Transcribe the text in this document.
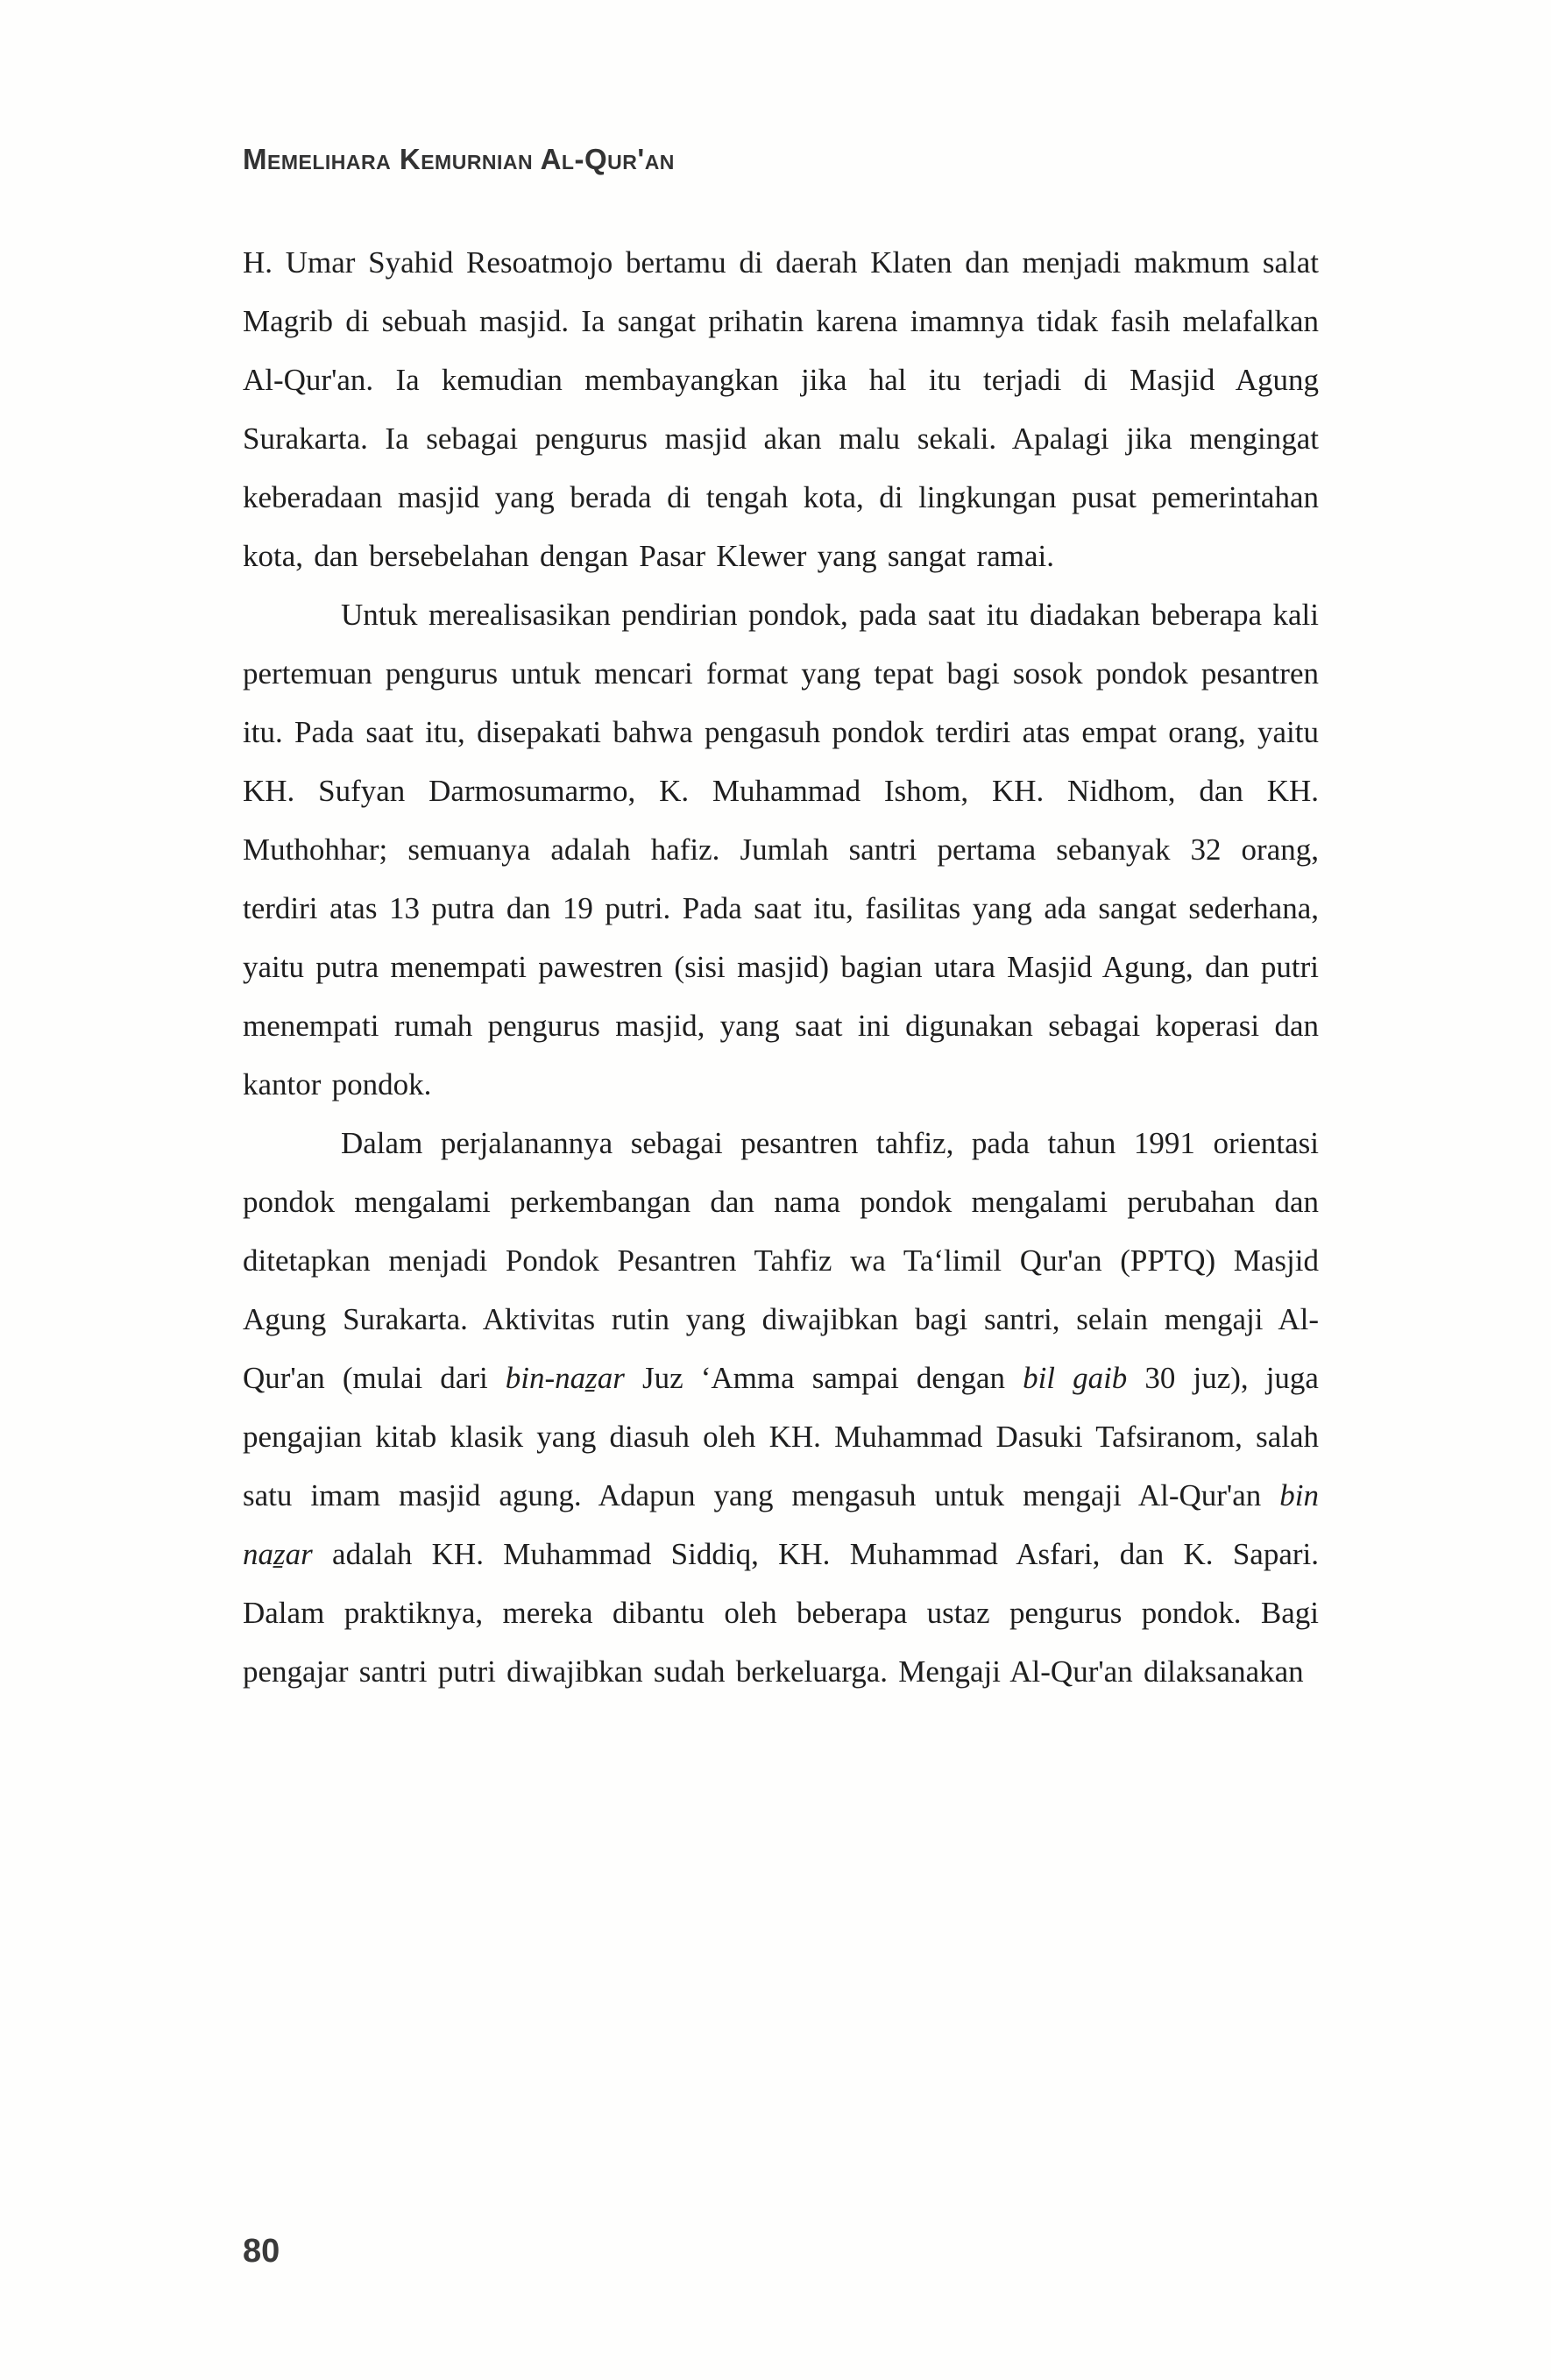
Memelihara Kemurnian Al-Qur'an

H. Umar Syahid Resoatmojo bertamu di daerah Klaten dan menjadi makmum salat Magrib di sebuah masjid. Ia sangat prihatin karena imamnya tidak fasih melafalkan Al-Qur'an. Ia kemudian membayangkan jika hal itu terjadi di Masjid Agung Surakarta. Ia sebagai pengurus masjid akan malu sekali. Apalagi jika mengingat keberadaan masjid yang berada di tengah kota, di lingkungan pusat pemerintahan kota, dan bersebelahan dengan Pasar Klewer yang sangat ramai.

Untuk merealisasikan pendirian pondok, pada saat itu diadakan beberapa kali pertemuan pengurus untuk mencari format yang tepat bagi sosok pondok pesantren itu. Pada saat itu, disepakati bahwa pengasuh pondok terdiri atas empat orang, yaitu KH. Sufyan Darmosumarmo, K. Muhammad Ishom, KH. Nidhom, dan KH. Muthohhar; semuanya adalah hafiz. Jumlah santri pertama sebanyak 32 orang, terdiri atas 13 putra dan 19 putri. Pada saat itu, fasilitas yang ada sangat sederhana, yaitu putra menempati pawestren (sisi masjid) bagian utara Masjid Agung, dan putri menempati rumah pengurus masjid, yang saat ini digunakan sebagai koperasi dan kantor pondok.

Dalam perjalanannya sebagai pesantren tahfiz, pada tahun 1991 orientasi pondok mengalami perkembangan dan nama pondok mengalami perubahan dan ditetapkan menjadi Pondok Pesantren Tahfiz wa Ta‘limil Qur'an (PPTQ) Masjid Agung Surakarta. Aktivitas rutin yang diwajibkan bagi santri, selain mengaji Al-Qur'an (mulai dari bin-naẕar Juz ‘Amma sampai dengan bil gaib 30 juz), juga pengajian kitab klasik yang diasuh oleh KH. Muhammad Dasuki Tafsiranom, salah satu imam masjid agung. Adapun yang mengasuh untuk mengaji Al-Qur'an bin naẕar adalah KH. Muhammad Siddiq, KH. Muhammad Asfari, dan K. Sapari. Dalam praktiknya, mereka dibantu oleh beberapa ustaz pengurus pondok. Bagi pengajar santri putri diwajibkan sudah berkeluarga. Mengaji Al-Qur'an dilaksanakan

80
